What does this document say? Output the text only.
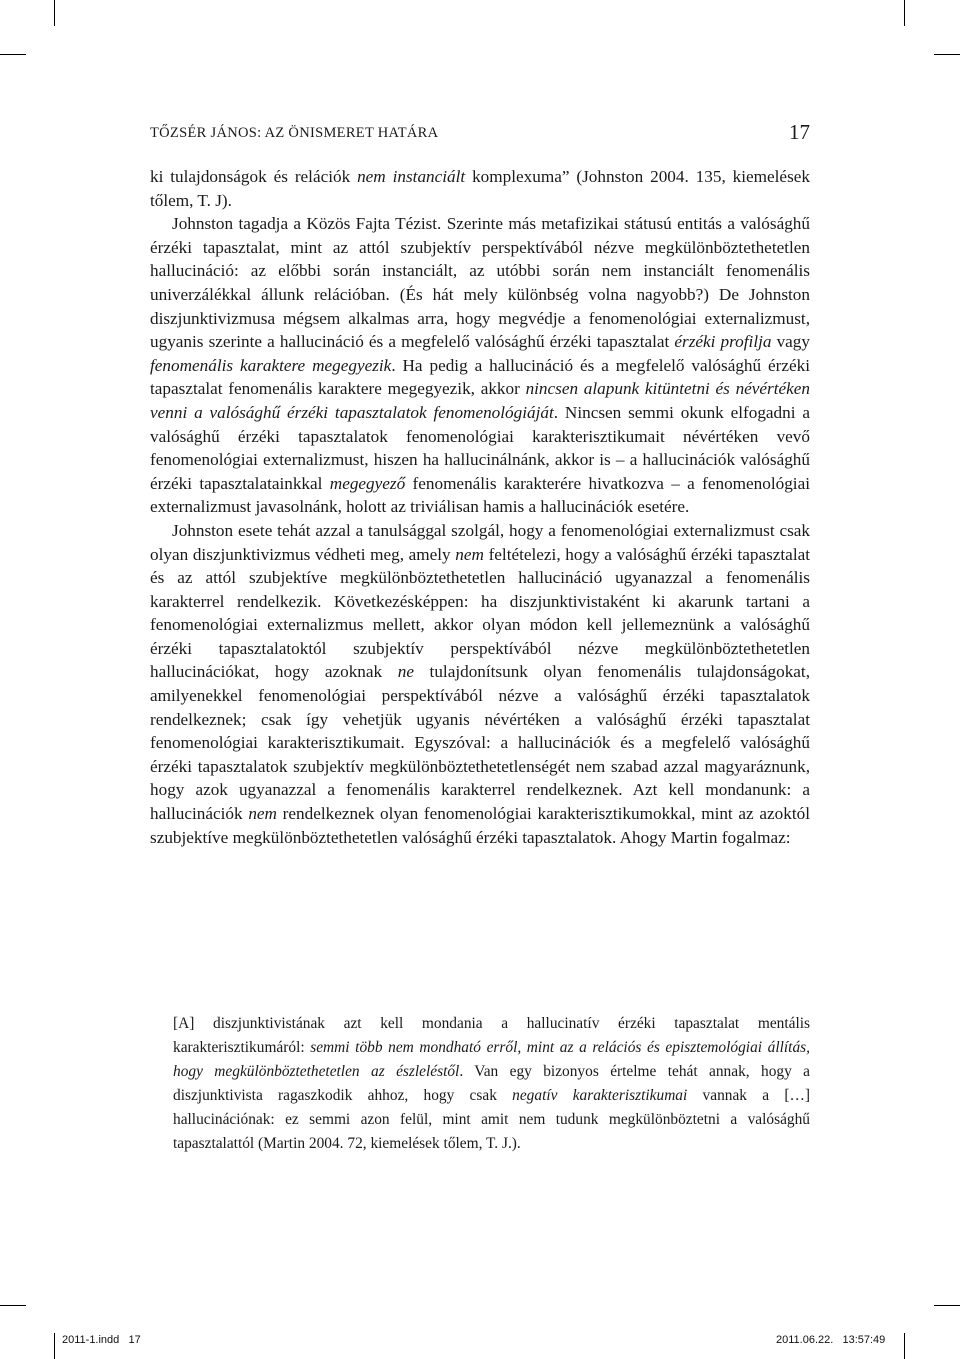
TŐZSÉR JÁNOS: AZ ÖNISMERET HATÁRA	17

ki tulajdonságok és relációk nem instanciált komplexuma” (Johnston 2004. 135, kiemelések tőlem, T. J).

Johnston tagadja a Közös Fajta Tézist. Szerinte más metafizikai státusú entitás a valósághű érzéki tapasztalat, mint az attól szubjektív perspektívából nézve megkülönböztethetetlen hallucináció: az előbbi során instanciált, az utóbbi során nem instanciált fenomenális univerzálékkal állunk relációban. (És hát mely különbség volna nagyobb?) De Johnston diszjunktivizmusa mégsem alkalmas arra, hogy megvédje a fenomenológiai externalizmust, ugyanis szerinte a hallucináció és a megfelelő valósághű érzéki tapasztalat érzéki profilja vagy fenomenális karaktere megegyezik. Ha pedig a hallucináció és a megfelelő valósághű érzéki tapasztalat fenomenális karaktere megegyezik, akkor nincsen alapunk kitüntetni és névértéken venni a valósághű érzéki tapasztalatok fenomenológiáját. Nincsen semmi okunk elfogadni a valósághű érzéki tapasztalatok fenomenológiai karakterisztikumait névértéken vevő fenomenológiai externalizmust, hiszen ha hallucinálnánk, akkor is – a hallucinációk valósághű érzéki tapasztalatainkkal megegyező fenomenális karakterére hivatkozva – a fenomenológiai externalizmust javasolnánk, holott az triviálisan hamis a hallucinációk esetére.

Johnston esete tehát azzal a tanulsággal szolgál, hogy a fenomenológiai externalizmust csak olyan diszjunktivizmus védheti meg, amely nem feltételezi, hogy a valósághű érzéki tapasztalat és az attól szubjektíve megkülönböztethetetlen hallucináció ugyanazzal a fenomenális karakterrel rendelkezik. Következésképpen: ha diszjunktivistaként ki akarunk tartani a fenomenológiai externalizmus mellett, akkor olyan módon kell jellemeznünk a valósághű érzéki tapasztalatoktól szubjektív perspektívából nézve megkülönböztethetetlen hallucinációkat, hogy azoknak ne tulajdonítsunk olyan fenomenális tulajdonságokat, amilyenekkel fenomenológiai perspektívából nézve a valósághű érzéki tapasztalatok rendelkeznek; csak így vehetjük ugyanis névértéken a valósághű érzéki tapasztalat fenomenológiai karakterisztikumait. Egyszóval: a hallucinációk és a megfelelő valósághű érzéki tapasztalatok szubjektív megkülönböztethetetlenségét nem szabad azzal magyaráznunk, hogy azok ugyanazzal a fenomenális karakterrel rendelkeznek. Azt kell mondanunk: a hallucinációk nem rendelkeznek olyan fenomenológiai karakterisztikumokkal, mint az azoktól szubjektíve megkülönböztethetetlen valósághű érzéki tapasztalatok. Ahogy Martin fogalmaz:

[A] diszjunktivistának azt kell mondania a hallucinatív érzéki tapasztalat mentális karakterisztikumáról: semmi több nem mondható erről, mint az a relációs és episztemológiai állítás, hogy megkülönböztethetetlen az észleléstől. Van egy bizonyos értelme tehát annak, hogy a diszjunktivista ragaszkodik ahhoz, hogy csak negatív karakterisztikumai vannak a […] hallucinációnak: ez semmi azon felül, mint amit nem tudunk megkülönböztetni a valósághű tapasztalattól (Martin 2004. 72, kiemelések tőlem, T. J.).

2011-1.indd   17	2011.06.22.   13:57:49
